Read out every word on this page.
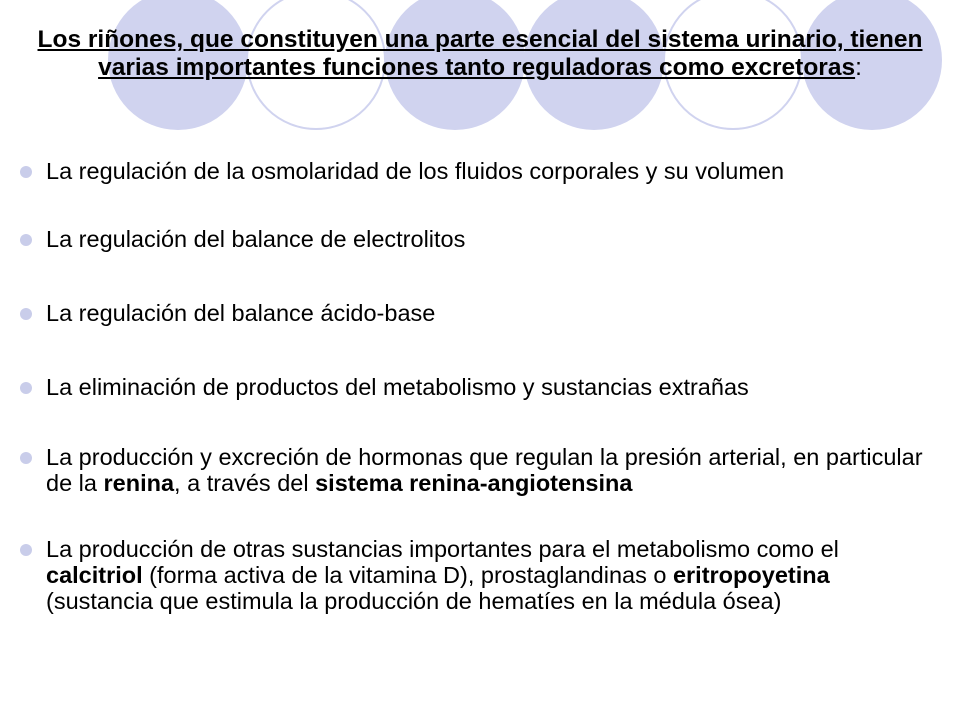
Los riñones, que constituyen una parte esencial del sistema urinario, tienen varias importantes funciones tanto reguladoras como excretoras:
La regulación de la osmolaridad de los fluidos corporales y su volumen
La regulación del balance de electrolitos
La regulación del balance ácido-base
La eliminación de productos del metabolismo y sustancias extrañas
La producción y excreción de hormonas que regulan la presión arterial, en particular de la renina, a través del sistema renina-angiotensina
La producción de otras sustancias importantes para el metabolismo como el calcitriol (forma activa de la vitamina D), prostaglandinas o eritropoyetina (sustancia que estimula la producción de hematíes en la médula ósea)
